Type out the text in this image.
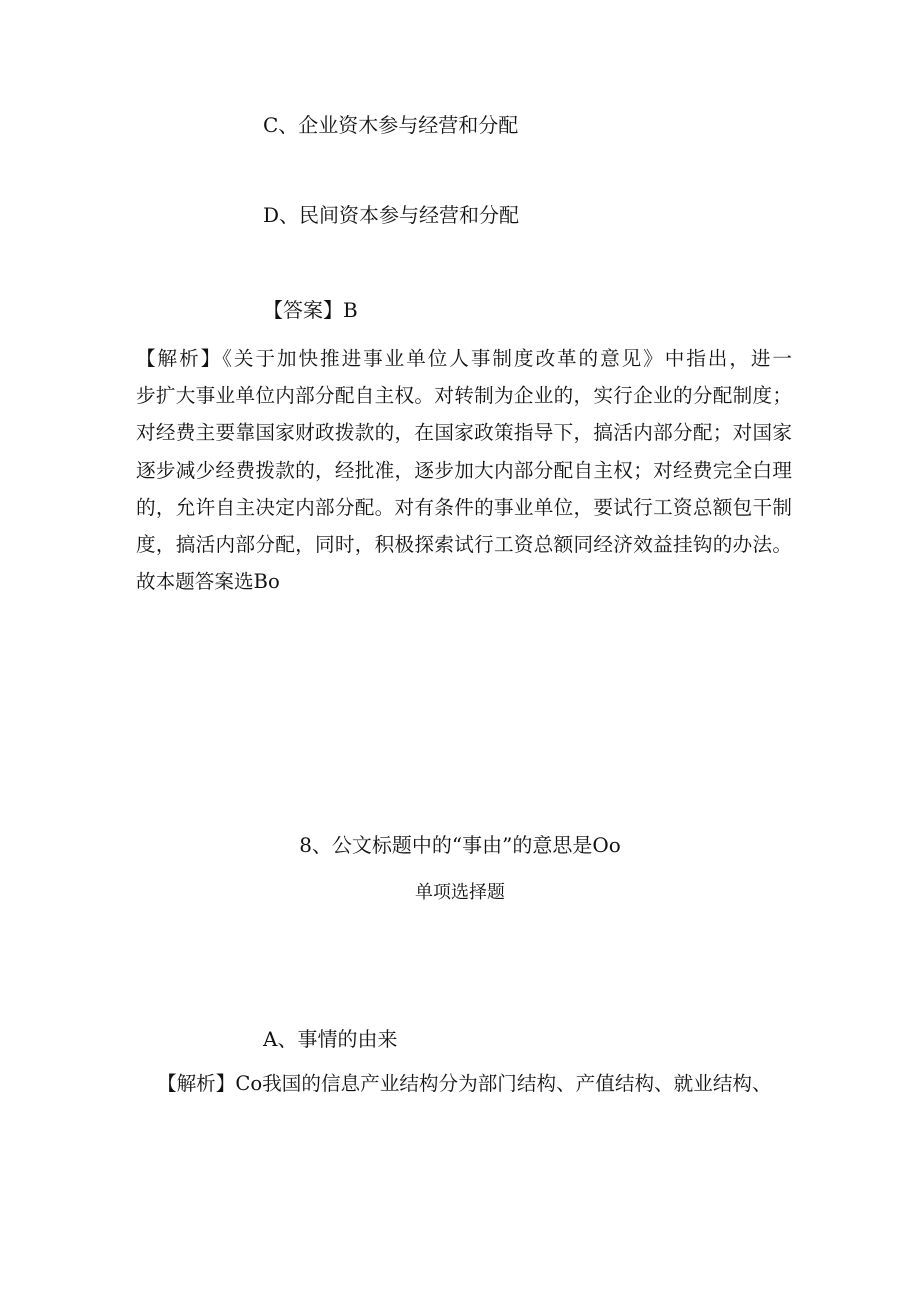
C、企业资木参与经营和分配

D、民间资本参与经营和分配

【答案】B

【解析】《关于加快推进事业单位人事制度改革的意见》中指出，进一
步扩大事业单位内部分配自主权。对转制为企业的，实行企业的分配制度；
对经费主要靠国家财政拨款的，在国家政策指导下，搞活内部分配；对国家
逐步减少经费拨款的，经批准，逐步加大内部分配自主权；对经费完全白理
的，允许自主决定内部分配。对有条件的事业单位，要试行工资总额包干制
度，搞活内部分配，同时，积极探索试行工资总额同经济效益挂钩的办法。
故本题答案选Bo

8、公文标题中的“事由”的意思是Oo

单项选择题

A、事情的由来

【解析】Co我国的信息产业结构分为部门结构、产值结构、就业结构、
